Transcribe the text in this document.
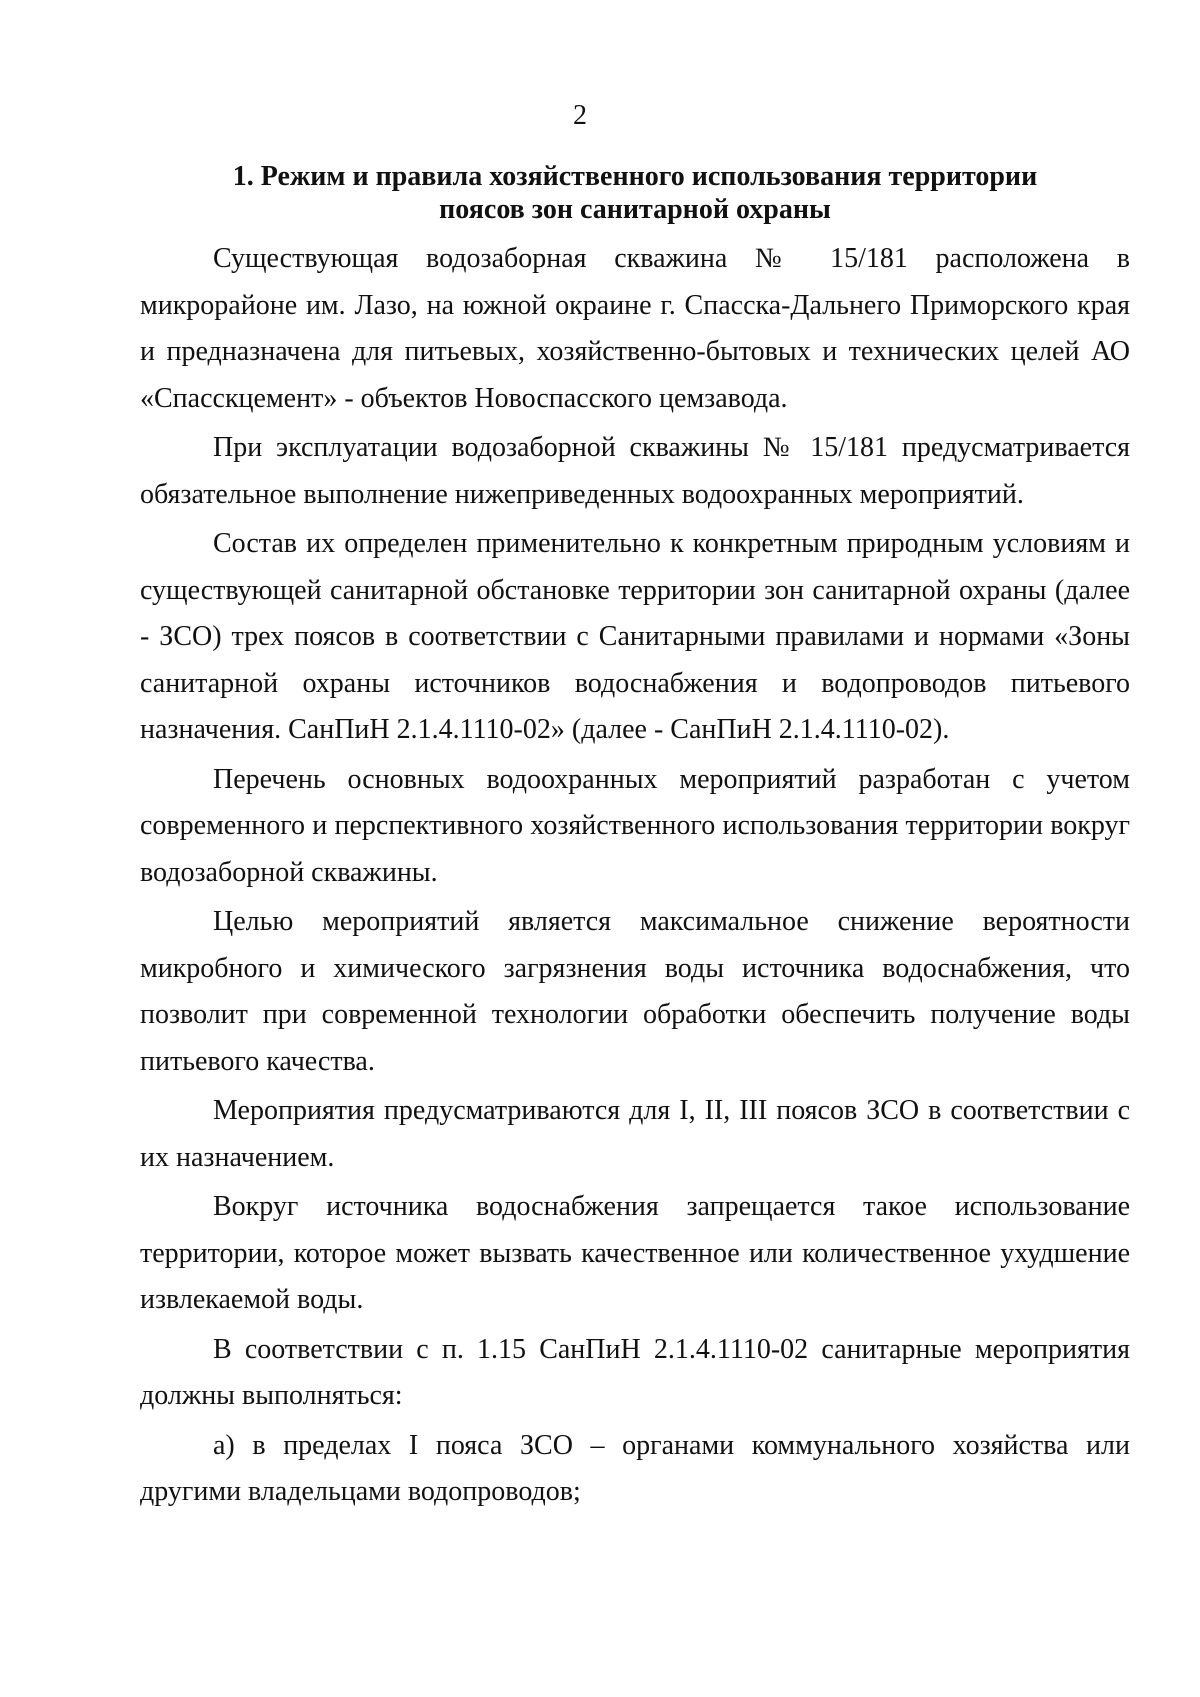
2
1. Режим и правила хозяйственного использования территории
поясов зон санитарной охраны

Существующая водозаборная скважина № 15/181 расположена в микрорайоне им. Лазо, на южной окраине г. Спасска-Дальнего Приморского края и предназначена для питьевых, хозяйственно-бытовых и технических целей АО «Спасскцемент» - объектов Новоспасского цемзавода.

При эксплуатации водозаборной скважины № 15/181 предусматривается обязательное выполнение нижеприведенных водоохранных мероприятий.

Состав их определен применительно к конкретным природным условиям и существующей санитарной обстановке территории зон санитарной охраны (далее - ЗСО) трех поясов в соответствии с Санитарными правилами и нормами «Зоны санитарной охраны источников водоснабжения и водопроводов питьевого назначения. СанПиН 2.1.4.1110-02» (далее - СанПиН 2.1.4.1110-02).

Перечень основных водоохранных мероприятий разработан с учетом современного и перспективного хозяйственного использования территории вокруг водозаборной скважины.

Целью мероприятий является максимальное снижение вероятности микробного и химического загрязнения воды источника водоснабжения, что позволит при современной технологии обработки обеспечить получение воды питьевого качества.

Мероприятия предусматриваются для I, II, III поясов ЗСО в соответствии с их назначением.

Вокруг источника водоснабжения запрещается такое использование территории, которое может вызвать качественное или количественное ухудшение извлекаемой воды.

В соответствии с п. 1.15 СанПиН 2.1.4.1110-02 санитарные мероприятия должны выполняться:

а) в пределах I пояса ЗСО – органами коммунального хозяйства или другими владельцами водопроводов;
